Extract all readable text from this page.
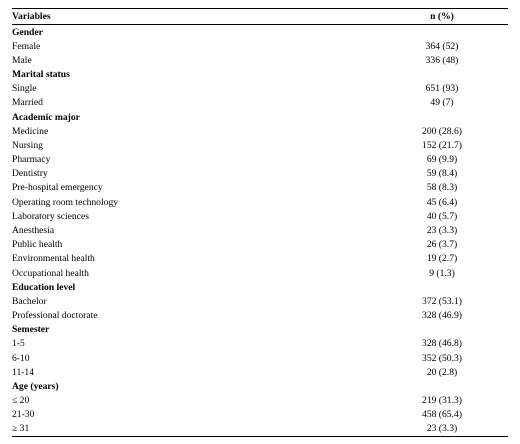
Variables	n (%)
Gender
Female	364 (52)
Male	336 (48)
Marital status
Single	651 (93)
Married	49 (7)
Academic major
Medicine	200 (28.6)
Nursing	152 (21.7)
Pharmacy	69 (9.9)
Dentistry	59 (8.4)
Pre-hospital emergency	58 (8.3)
Operating room technology	45 (6.4)
Laboratory sciences	40 (5.7)
Anesthesia	23 (3.3)
Public health	26 (3.7)
Environmental health	19 (2.7)
Occupational health	9 (1.3)
Education level
Bachelor	372 (53.1)
Professional doctorate	328 (46.9)
Semester
1-5	328 (46.8)
6-10	352 (50.3)
11-14	20 (2.8)
Age (years)
≤ 20	219 (31.3)
21-30	458 (65.4)
≥ 31	23 (3.3)
